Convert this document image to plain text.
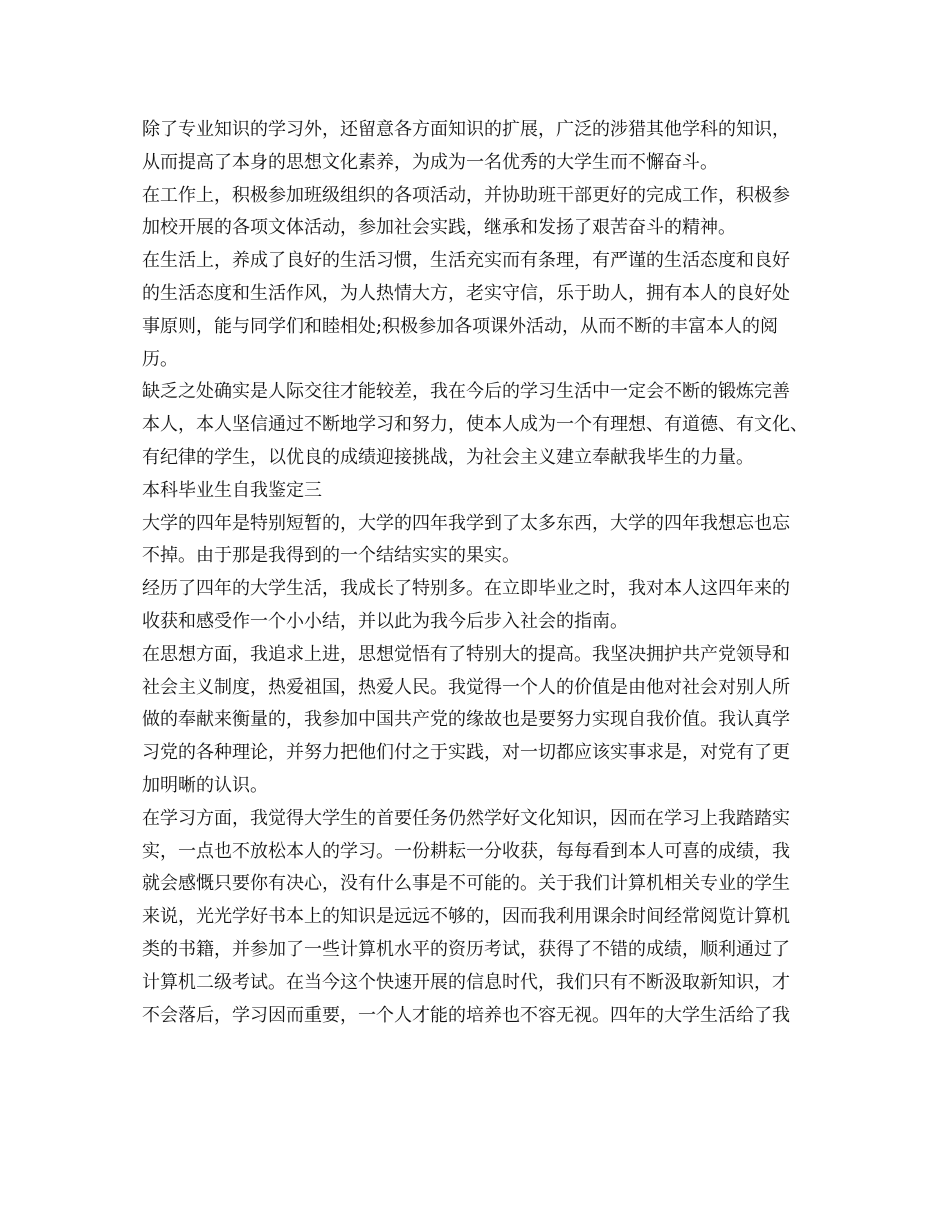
除了专业知识的学习外，还留意各方面知识的扩展，广泛的涉猎其他学科的知识，

从而提高了本身的思想文化素养，为成为一名优秀的大学生而不懈奋斗。

在工作上，积极参加班级组织的各项活动，并协助班干部更好的完成工作，积极参

加校开展的各项文体活动，参加社会实践，继承和发扬了艰苦奋斗的精神。

在生活上，养成了良好的生活习惯，生活充实而有条理，有严谨的生活态度和良好

的生活态度和生活作风，为人热情大方，老实守信，乐于助人，拥有本人的良好处

事原则，能与同学们和睦相处;积极参加各项课外活动，从而不断的丰富本人的阅

历。

缺乏之处确实是人际交往才能较差，我在今后的学习生活中一定会不断的锻炼完善

本人，本人坚信通过不断地学习和努力，使本人成为一个有理想、有道德、有文化、

有纪律的学生，以优良的成绩迎接挑战，为社会主义建立奉献我毕生的力量。

本科毕业生自我鉴定三

大学的四年是特别短暂的，大学的四年我学到了太多东西，大学的四年我想忘也忘

不掉。由于那是我得到的一个结结实实的果实。

经历了四年的大学生活，我成长了特别多。在立即毕业之时，我对本人这四年来的

收获和感受作一个小小结，并以此为我今后步入社会的指南。

在思想方面，我追求上进，思想觉悟有了特别大的提高。我坚决拥护共产党领导和

社会主义制度，热爱祖国，热爱人民。我觉得一个人的价值是由他对社会对别人所

做的奉献来衡量的，我参加中国共产党的缘故也是要努力实现自我价值。我认真学

习党的各种理论，并努力把他们付之于实践，对一切都应该实事求是，对党有了更

加明晰的认识。

在学习方面，我觉得大学生的首要任务仍然学好文化知识，因而在学习上我踏踏实

实，一点也不放松本人的学习。一份耕耘一分收获，每每看到本人可喜的成绩，我

就会感慨只要你有决心，没有什么事是不可能的。关于我们计算机相关专业的学生

来说，光光学好书本上的知识是远远不够的，因而我利用课余时间经常阅览计算机

类的书籍，并参加了一些计算机水平的资历考试，获得了不错的成绩，顺利通过了

计算机二级考试。在当今这个快速开展的信息时代，我们只有不断汲取新知识，才

不会落后，学习因而重要，一个人才能的培养也不容无视。四年的大学生活给了我
